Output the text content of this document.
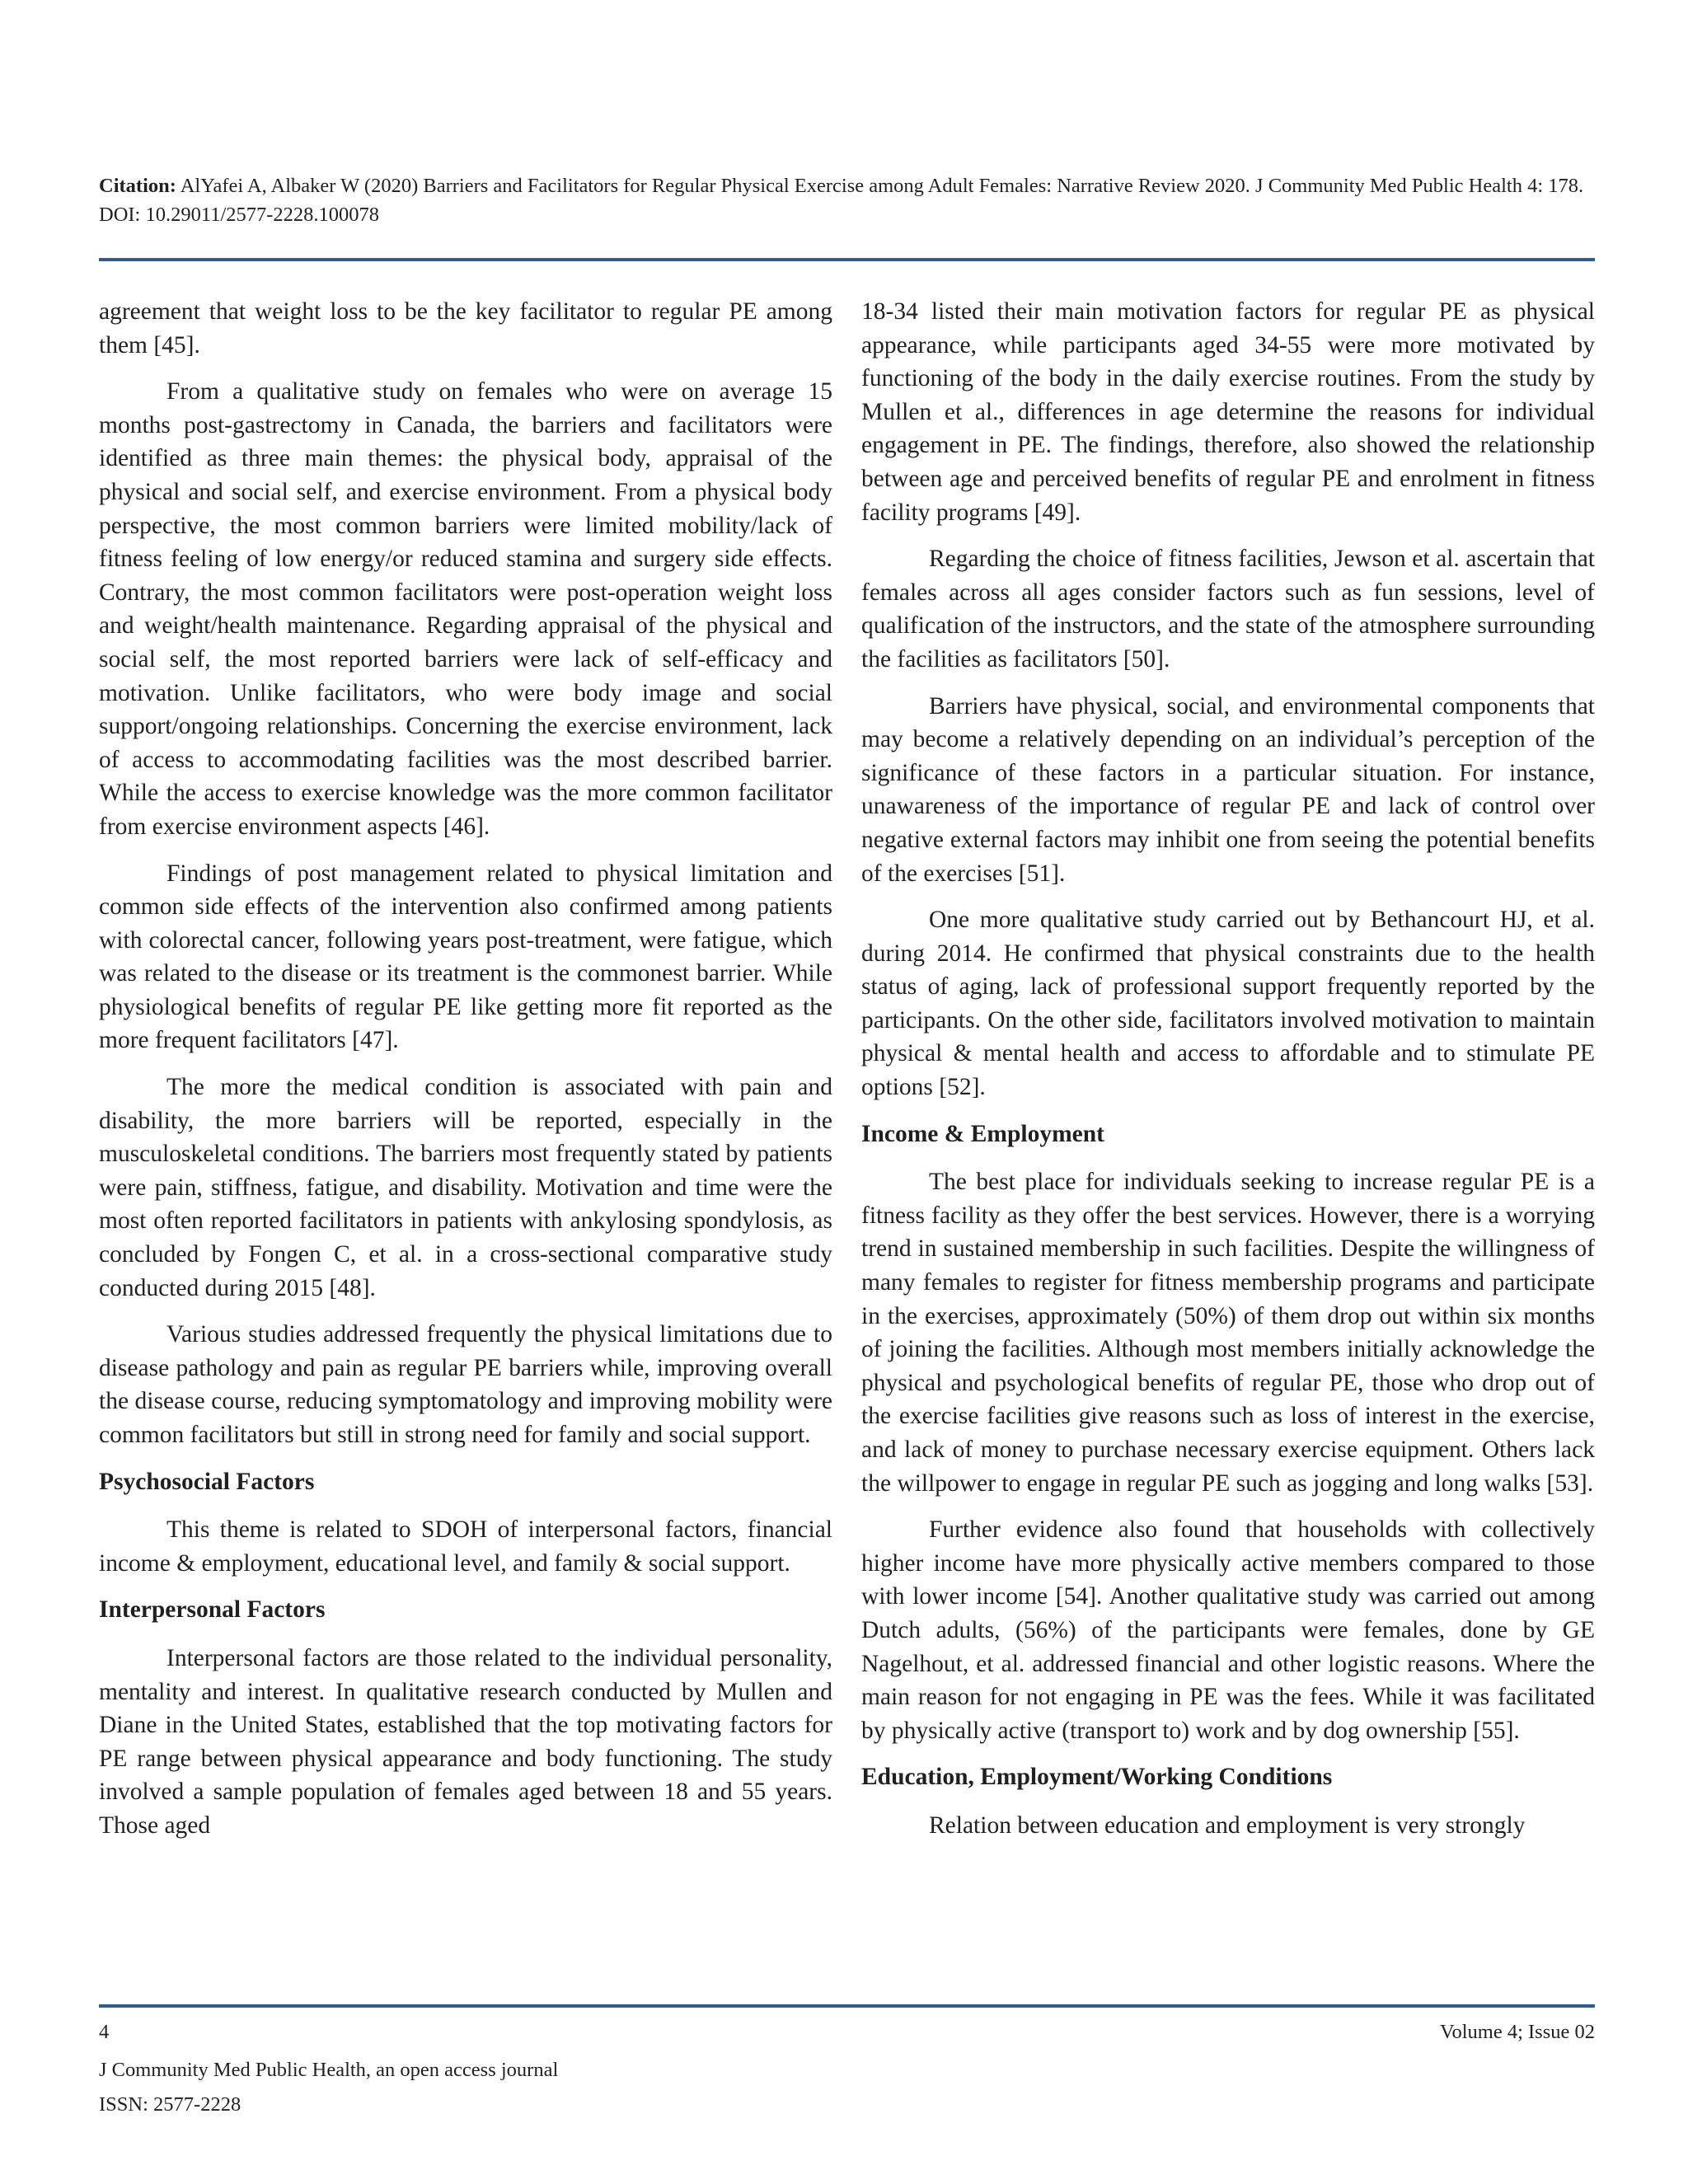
Citation: AlYafei A, Albaker W (2020) Barriers and Facilitators for Regular Physical Exercise among Adult Females: Narrative Review 2020. J Community Med Public Health 4: 178. DOI: 10.29011/2577-2228.100078

agreement that weight loss to be the key facilitator to regular PE among them [45].

From a qualitative study on females who were on average 15 months post-gastrectomy in Canada, the barriers and facilitators were identified as three main themes: the physical body, appraisal of the physical and social self, and exercise environment. From a physical body perspective, the most common barriers were limited mobility/lack of fitness feeling of low energy/or reduced stamina and surgery side effects. Contrary, the most common facilitators were post-operation weight loss and weight/health maintenance. Regarding appraisal of the physical and social self, the most reported barriers were lack of self-efficacy and motivation. Unlike facilitators, who were body image and social support/ongoing relationships. Concerning the exercise environment, lack of access to accommodating facilities was the most described barrier. While the access to exercise knowledge was the more common facilitator from exercise environment aspects [46].

Findings of post management related to physical limitation and common side effects of the intervention also confirmed among patients with colorectal cancer, following years post-treatment, were fatigue, which was related to the disease or its treatment is the commonest barrier. While physiological benefits of regular PE like getting more fit reported as the more frequent facilitators [47].

The more the medical condition is associated with pain and disability, the more barriers will be reported, especially in the musculoskeletal conditions. The barriers most frequently stated by patients were pain, stiffness, fatigue, and disability. Motivation and time were the most often reported facilitators in patients with ankylosing spondylosis, as concluded by Fongen C, et al. in a cross-sectional comparative study conducted during 2015 [48].

Various studies addressed frequently the physical limitations due to disease pathology and pain as regular PE barriers while, improving overall the disease course, reducing symptomatology and improving mobility were common facilitators but still in strong need for family and social support.

Psychosocial Factors

This theme is related to SDOH of interpersonal factors, financial income & employment, educational level, and family & social support.

Interpersonal Factors

Interpersonal factors are those related to the individual personality, mentality and interest. In qualitative research conducted by Mullen and Diane in the United States, established that the top motivating factors for PE range between physical appearance and body functioning. The study involved a sample population of females aged between 18 and 55 years. Those aged

18-34 listed their main motivation factors for regular PE as physical appearance, while participants aged 34-55 were more motivated by functioning of the body in the daily exercise routines. From the study by Mullen et al., differences in age determine the reasons for individual engagement in PE. The findings, therefore, also showed the relationship between age and perceived benefits of regular PE and enrolment in fitness facility programs [49].

Regarding the choice of fitness facilities, Jewson et al. ascertain that females across all ages consider factors such as fun sessions, level of qualification of the instructors, and the state of the atmosphere surrounding the facilities as facilitators [50].

Barriers have physical, social, and environmental components that may become a relatively depending on an individual’s perception of the significance of these factors in a particular situation. For instance, unawareness of the importance of regular PE and lack of control over negative external factors may inhibit one from seeing the potential benefits of the exercises [51].

One more qualitative study carried out by Bethancourt HJ, et al. during 2014. He confirmed that physical constraints due to the health status of aging, lack of professional support frequently reported by the participants. On the other side, facilitators involved motivation to maintain physical & mental health and access to affordable and to stimulate PE options [52].

Income & Employment

The best place for individuals seeking to increase regular PE is a fitness facility as they offer the best services. However, there is a worrying trend in sustained membership in such facilities. Despite the willingness of many females to register for fitness membership programs and participate in the exercises, approximately (50%) of them drop out within six months of joining the facilities. Although most members initially acknowledge the physical and psychological benefits of regular PE, those who drop out of the exercise facilities give reasons such as loss of interest in the exercise, and lack of money to purchase necessary exercise equipment. Others lack the willpower to engage in regular PE such as jogging and long walks [53].

Further evidence also found that households with collectively higher income have more physically active members compared to those with lower income [54]. Another qualitative study was carried out among Dutch adults, (56%) of the participants were females, done by GE Nagelhout, et al. addressed financial and other logistic reasons. Where the main reason for not engaging in PE was the fees. While it was facilitated by physically active (transport to) work and by dog ownership [55].

Education, Employment/Working Conditions

Relation between education and employment is very strongly

4	Volume 4; Issue 02
J Community Med Public Health, an open access journal
ISSN: 2577-2228
